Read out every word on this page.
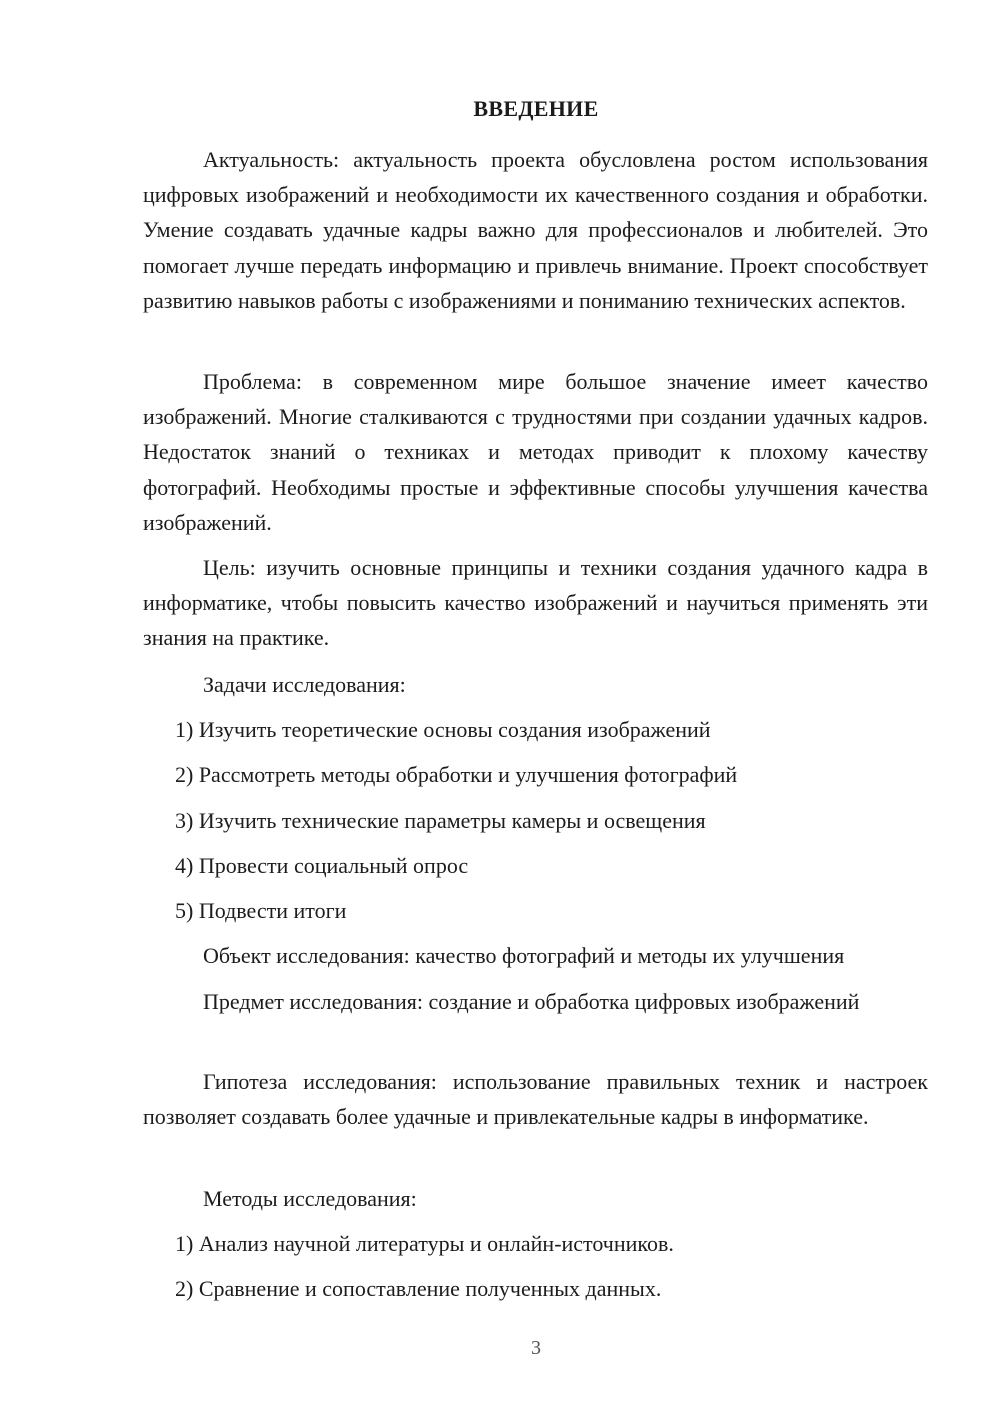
ВВЕДЕНИЕ

Актуальность: актуальность проекта обусловлена ростом использования цифровых изображений и необходимости их качественного создания и обработки. Умение создавать удачные кадры важно для профессионалов и любителей. Это помогает лучше передать информацию и привлечь внимание. Проект способствует развитию навыков работы с изображениями и пониманию технических аспектов.

Проблема: в современном мире большое значение имеет качество изображений. Многие сталкиваются с трудностями при создании удачных кадров. Недостаток знаний о техниках и методах приводит к плохому качеству фотографий. Необходимы простые и эффективные способы улучшения качества изображений.

Цель: изучить основные принципы и техники создания удачного кадра в информатике, чтобы повысить качество изображений и научиться применять эти знания на практике.

Задачи исследования:

1) Изучить теоретические основы создания изображений

2) Рассмотреть методы обработки и улучшения фотографий

3) Изучить технические параметры камеры и освещения

4) Провести социальный опрос

5) Подвести итоги

Объект исследования: качество фотографий и методы их улучшения

Предмет исследования: создание и обработка цифровых изображений

Гипотеза исследования: использование правильных техник и настроек позволяет создавать более удачные и привлекательные кадры в информатике.

Методы исследования:

1) Анализ научной литературы и онлайн-источников.

2) Сравнение и сопоставление полученных данных.

3
